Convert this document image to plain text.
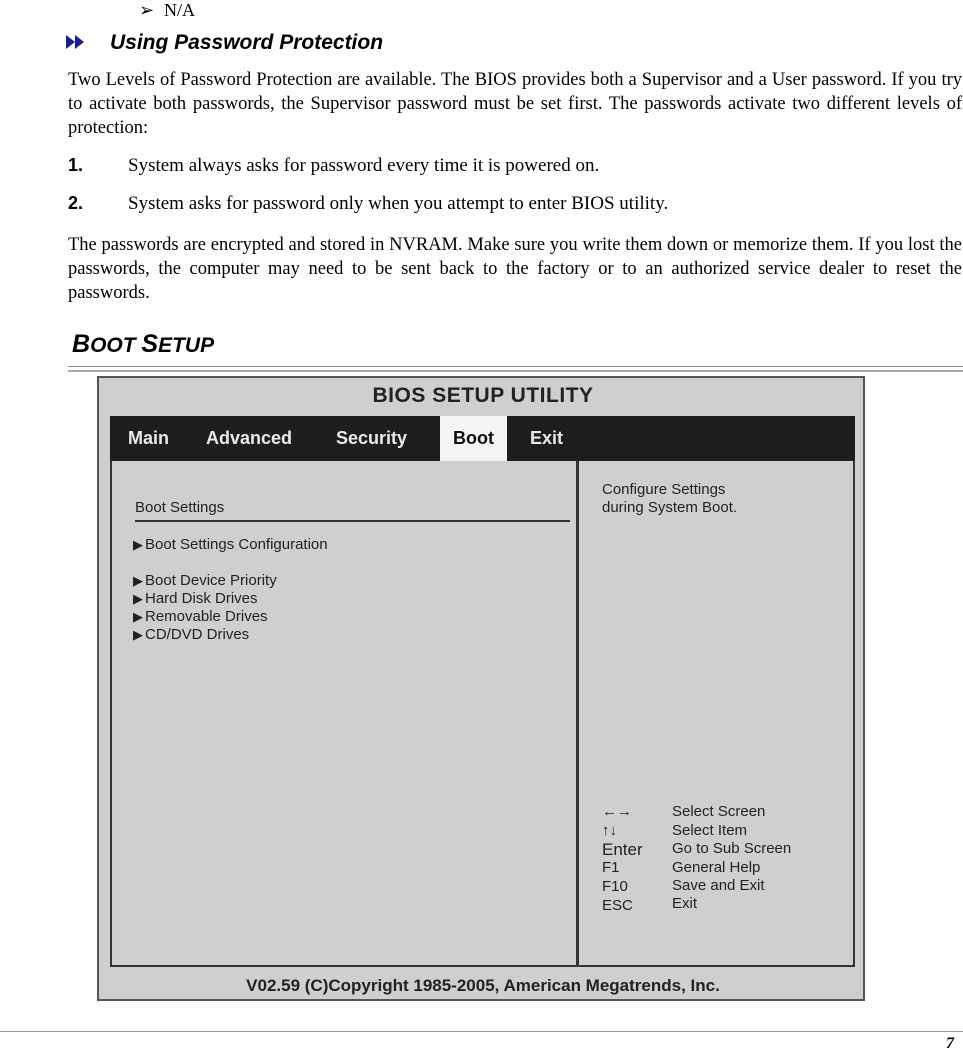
➢ N/A
Using Password Protection
Two Levels of Password Protection are available. The BIOS provides both a Supervisor and a User password. If you try to activate both passwords, the Supervisor password must be set first. The passwords activate two different levels of protection:
1. System always asks for password every time it is powered on.
2. System asks for password only when you attempt to enter BIOS utility.
The passwords are encrypted and stored in NVRAM. Make sure you write them down or memorize them. If you lost the passwords, the computer may need to be sent back to the factory or to an authorized service dealer to reset the passwords.
BOOT SETUP
BIOS SETUP UTILITY
Main Advanced Security	Boot	Exit
Boot Settings
▶ Boot Settings Configuration
▶ Boot Device Priority
▶ Hard Disk Drives
▶ Removable Drives
▶ CD/DVD Drives
Configure Settings
during System Boot.
←→	Select Screen
↑↓	Select Item
Enter Go to Sub Screen
F1	General Help
F10	Save and Exit
ESC	Exit
V02.59 (C)Copyright 1985-2005, American Megatrends, Inc.
7
